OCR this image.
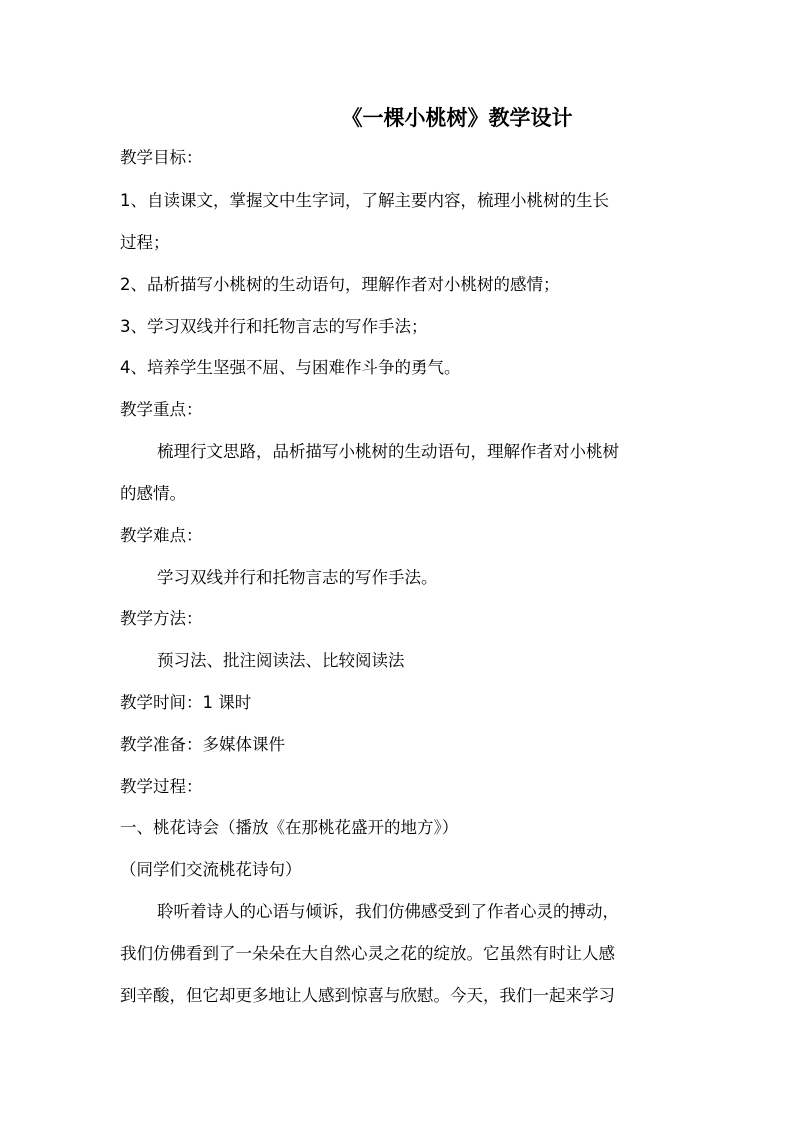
《一棵小桃树》教学设计
教学目标：
1、自读课文，掌握文中生字词，了解主要内容，梳理小桃树的生长
过程；
2、品析描写小桃树的生动语句，理解作者对小桃树的感情；
3、学习双线并行和托物言志的写作手法；
4、培养学生坚强不屈、与困难作斗争的勇气。
教学重点：
梳理行文思路，品析描写小桃树的生动语句，理解作者对小桃树
的感情。
教学难点：
学习双线并行和托物言志的写作手法。
教学方法：
预习法、批注阅读法、比较阅读法
教学时间：1 课时
教学准备：多媒体课件
教学过程：
一、桃花诗会（播放《在那桃花盛开的地方》）
（同学们交流桃花诗句）
聆听着诗人的心语与倾诉，我们仿佛感受到了作者心灵的搏动，
我们仿佛看到了一朵朵在大自然心灵之花的绽放。它虽然有时让人感
到辛酸，但它却更多地让人感到惊喜与欣慰。今天，我们一起来学习
